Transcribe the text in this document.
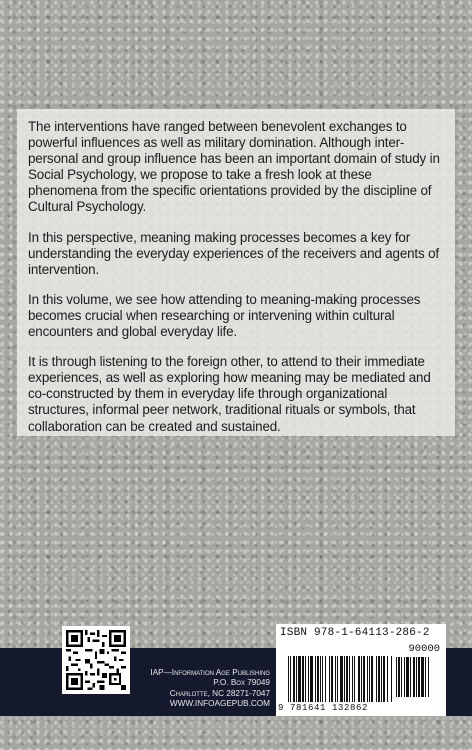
The interventions have ranged between benevolent exchanges to powerful influences as well as military domination. Although inter-personal and group influence has been an important domain of study in Social Psychology, we propose to take a fresh look at these phenomena from the specific orientations provided by the discipline of Cultural Psychology.

In this perspective, meaning making processes becomes a key for understanding the everyday experiences of the receivers and agents of intervention.

In this volume, we see how attending to meaning-making processes becomes crucial when researching or intervening within cultural encounters and global everyday life.

It is through listening to the foreign other, to attend to their immediate experiences, as well as exploring how meaning may be mediated and co-constructed by them in everyday life through organizational structures, informal peer network, traditional rituals or symbols, that collaboration can be created and sustained.

IAP—Information Age Publishing
P.O. Box 79049
Charlotte, NC 28271-7047
WWW.INFOAGEPUB.COM
ISBN 978-1-64113-286-2
90000
9 781641 132862
